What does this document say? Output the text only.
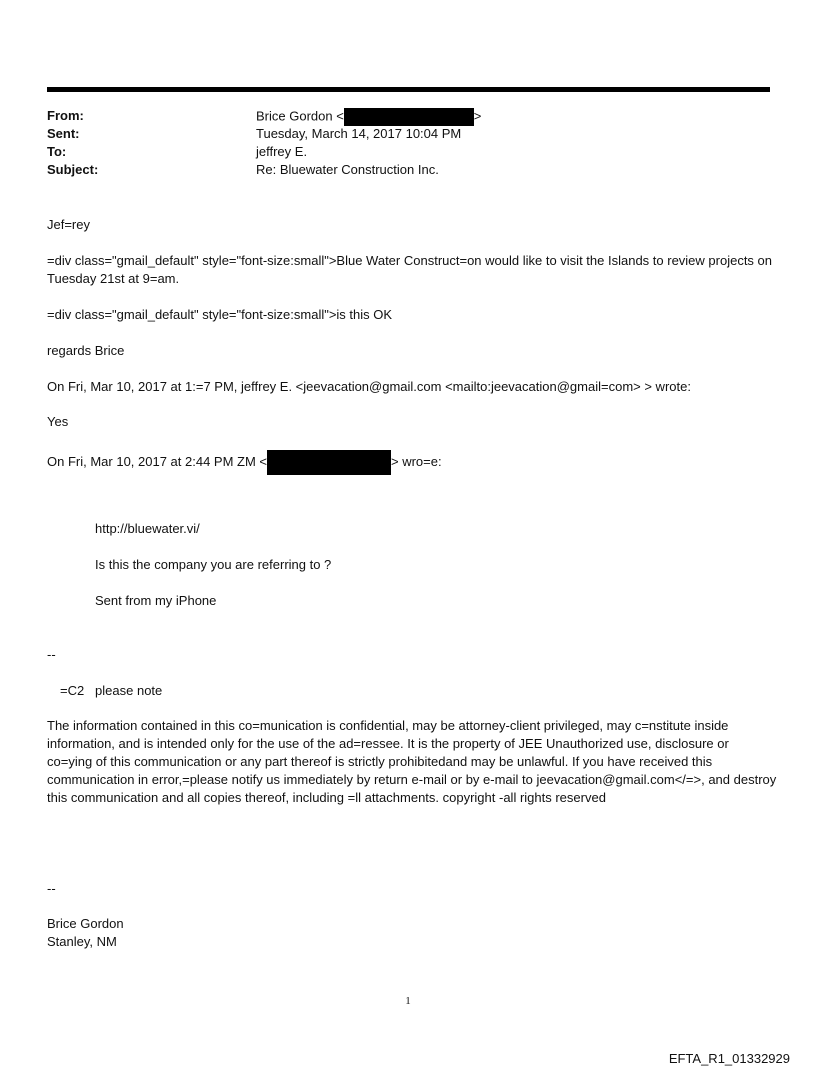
From:	Brice Gordon <	>
Sent:	Tuesday, March 14, 2017 10:04 PM
To:	jeffrey E.
Subject:	Re: Bluewater Construction Inc.
Jef=rey
=div class="gmail_default" style="font-size:small">Blue Water Construct=on would like to visit the Islands to review projects on Tuesday 21st at 9=am.
=div class="gmail_default" style="font-size:small">is this OK
regards Brice
On Fri, Mar 10, 2017 at 1:=7 PM, jeffrey E. <jeevacation@gmail.com <mailto:jeevacation@gmail=com> > wrote:
Yes
On Fri, Mar 10, 2017 at 2:44 PM ZM <	> wro=e:
http://bluewater.vi/
Is this the company you are referring to ?
Sent from my iPhone
--
=C2   please note
The information contained in this co=munication is confidential, may be attorney-client privileged, may c=nstitute inside information, and is intended only for the use of the ad=ressee. It is the property of JEE Unauthorized use, disclosure or co=ying of this communication or any part thereof is strictly prohibitedand may be unlawful. If you have received this communication in error,=please notify us immediately by return e-mail or by e-mail to jeevacation@gmail.com</=>, and destroy this communication and all copies thereof, including =ll attachments. copyright -all rights reserved
--
Brice Gordon
Stanley, NM
1
EFTA_R1_01332929
